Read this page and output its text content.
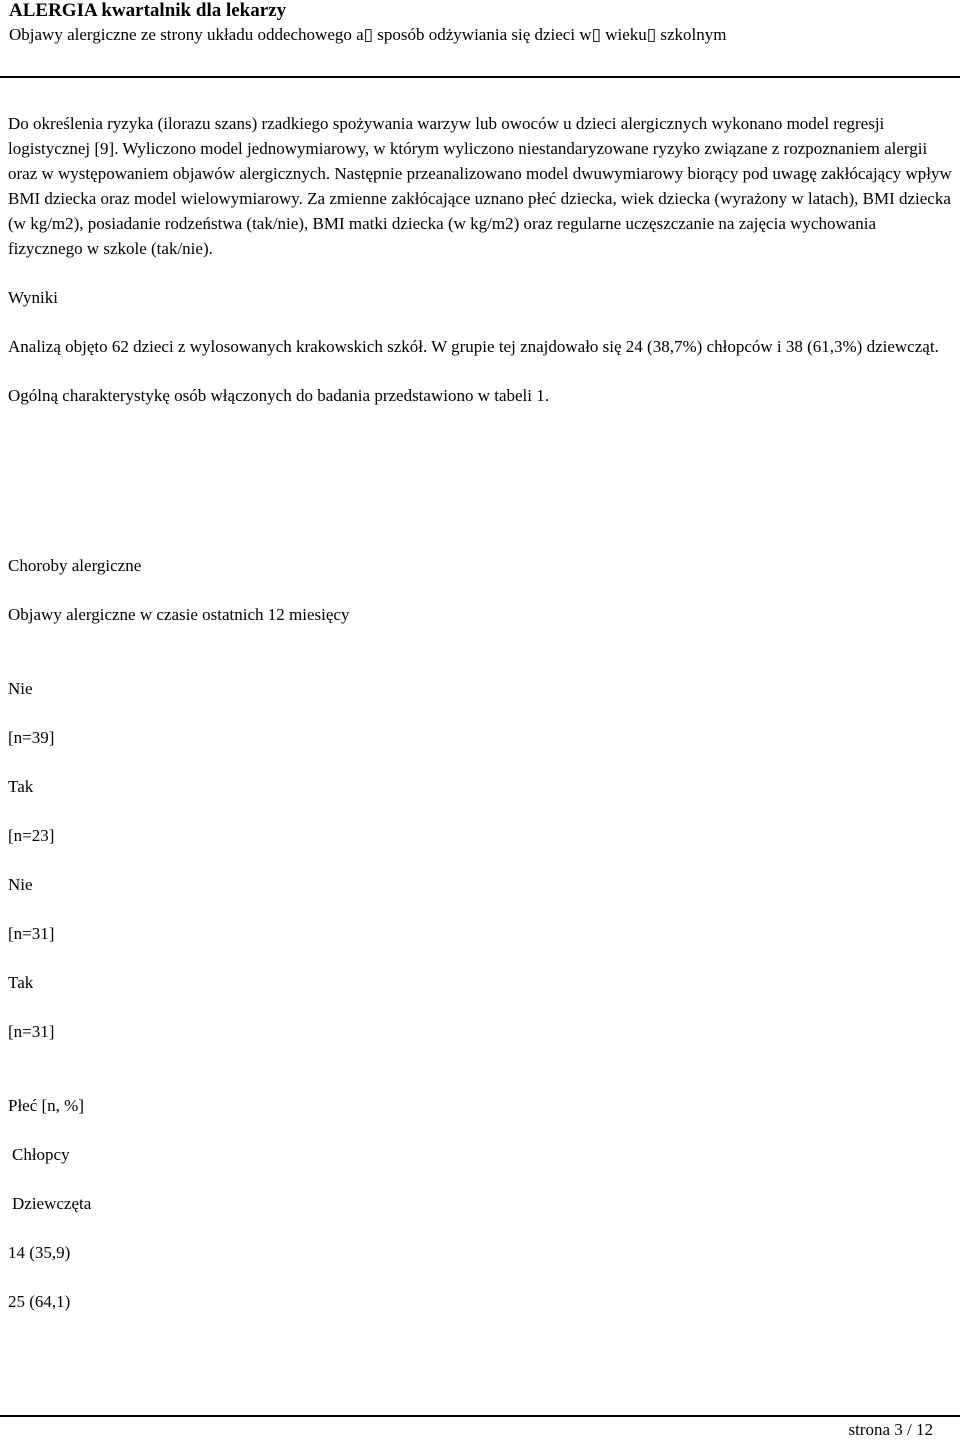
ALERGIA kwartalnik dla lekarzy
Objawy alergiczne ze strony układu oddechowego a▯ sposób odżywiania się dzieci w▯ wieku▯ szkolnym

Do określenia ryzyka (ilorazu szans) rzadkiego spożywania warzyw lub owoców u dzieci alergicznych wykonano model regresji logistycznej [9]. Wyliczono model jednowymiarowy, w którym wyliczono niestandaryzowane ryzyko związane z rozpoznaniem alergii oraz w występowaniem objawów alergicznych. Następnie przeanalizowano model dwuwymiarowy biorący pod uwagę zakłócający wpływ BMI dziecka oraz model wielowymiarowy. Za zmienne zakłócające uznano płeć dziecka, wiek dziecka (wyrażony w latach), BMI dziecka (w kg/m2), posiadanie rodzeństwa (tak/nie), BMI matki dziecka (w kg/m2) oraz regularne uczęszczanie na zajęcia wychowania fizycznego w szkole (tak/nie).

Wyniki

Analizą objęto 62 dzieci z wylosowanych krakowskich szkół. W grupie tej znajdowało się 24 (38,7%) chłopców i 38 (61,3%) dziewcząt.

Ogólną charakterystykę osób włączonych do badania przedstawiono w tabeli 1.

Choroby alergiczne

Objawy alergiczne w czasie ostatnich 12 miesięcy

Nie

[n=39]

Tak

[n=23]

Nie

[n=31]

Tak

[n=31]

Płeć [n, %]

Chłopcy

Dziewczęta

14 (35,9)

25 (64,1)

strona 3 / 12
